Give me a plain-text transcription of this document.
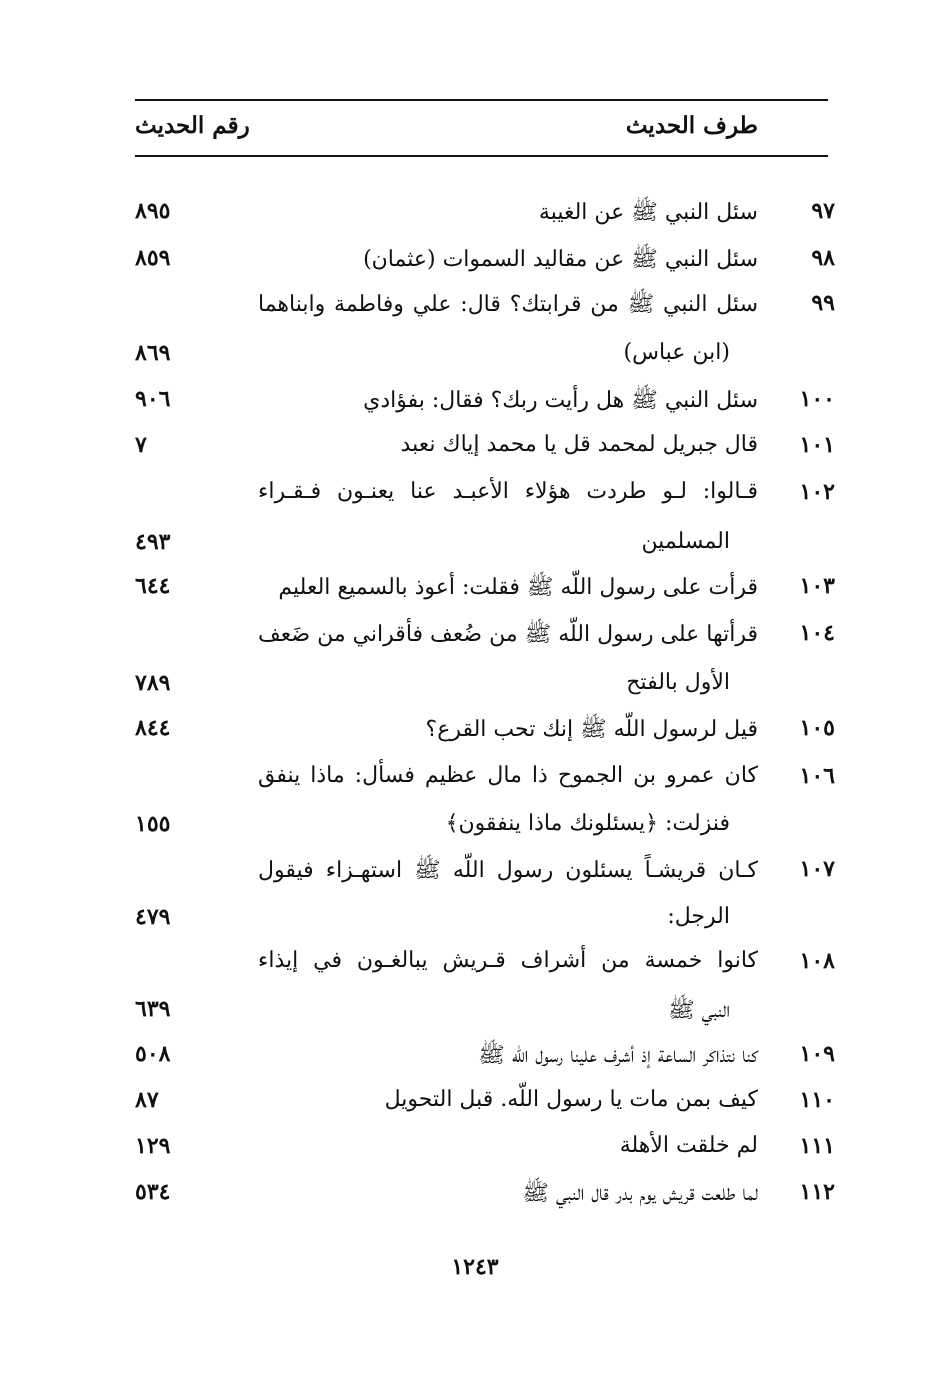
طرف الحديث
رقم الحديث
٩٧
سئل النبي ﷺ عن الغيبة
٨٩٥
٩٨
سئل النبي ﷺ عن مقاليد السموات (عثمان)
٨٥٩
٩٩
سئل النبي ﷺ من قرابتك؟ قال: علي وفاطمة وابناهما
(ابن عباس)
٨٦٩
١٠٠
سئل النبي ﷺ هل رأيت ربك؟ فقال: بفؤادي
٩٠٦
١٠١
قال جبريل لمحمد قل يا محمد إياك نعبد
٧
١٠٢
قـالوا: لـو طردت هؤلاء الأعبـد عنا يعنـون فـقـراء
المسلمين
٤٩٣
١٠٣
قرأت على رسول اللّه ﷺ فقلت: أعوذ بالسميع العليم
٦٤٤
١٠٤
قرأتها على رسول اللّه ﷺ من ضُعف فأقراني من ضَعف
الأول بالفتح
٧٨٩
١٠٥
قيل لرسول اللّه ﷺ إنك تحب القرع؟
٨٤٤
١٠٦
كان عمرو بن الجموح ذا مال عظيم فسأل: ماذا ينفق
فنزلت: ﴿يسئلونك ماذا ينفقون﴾
١٥٥
١٠٧
كـان قريشـاً يسئلون رسول اللّه ﷺ استهـزاء فيقول
الرجل:
٤٧٩
١٠٨
كانوا خمسة من أشراف قـريش يبالغـون في إيذاء
النبي ﷺ
٦٣٩
١٠٩
كنا نتذاكر الساعة إذ أشرف علينا رسول اللّه ﷺ
٥٠٨
١١٠
كيف بمن مات يا رسول اللّه. قبل التحويل
٨٧
١١١
لم خلقت الأهلة
١٢٩
١١٢
لما طلعت قريش يوم بدر قال النبي ﷺ
٥٣٤
١٢٤٣
